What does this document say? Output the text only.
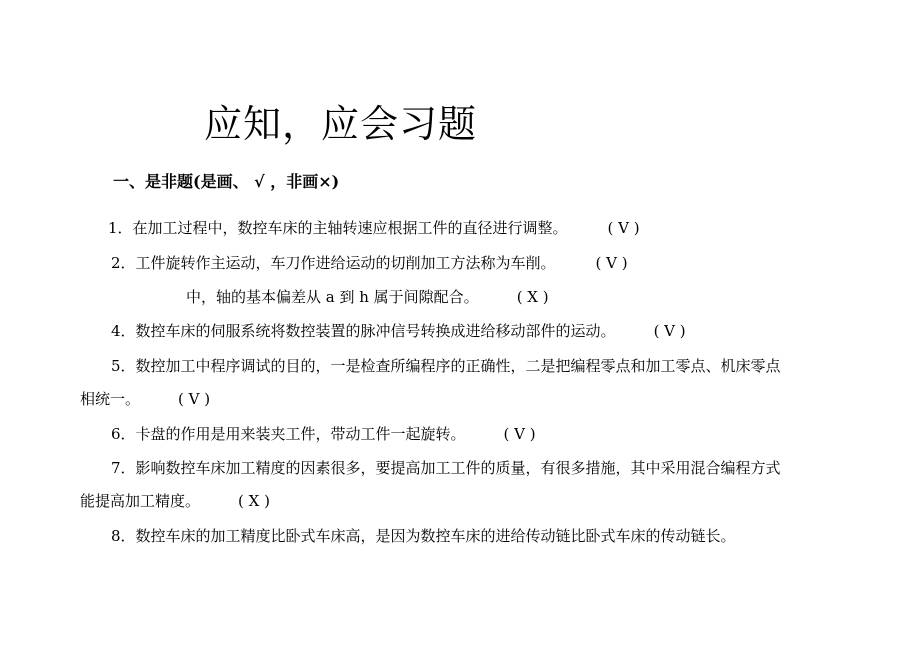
应知，应会习题
一、是非题(是画、 √ ，非画×)
1．在加工过程中，数控车床的主轴转速应根据工件的直径进行调整。	( V )
2．工件旋转作主运动，车刀作进给运动的切削加工方法称为车削。	( V )
中，轴的基本偏差从 a 到 h 属于间隙配合。	( X )
4．数控车床的伺服系统将数控装置的脉冲信号转换成进给移动部件的运动。	( V )
5．数控加工中程序调试的目的，一是检查所编程序的正确性，二是把编程零点和加工零点、机床零点
相统一。	( V )
6．卡盘的作用是用来装夹工件，带动工件一起旋转。	( V )
7．影响数控车床加工精度的因素很多，要提高加工工件的质量，有很多措施，其中采用混合编程方式
能提高加工精度。	( X )
8．数控车床的加工精度比卧式车床高，是因为数控车床的进给传动链比卧式车床的传动链长。
